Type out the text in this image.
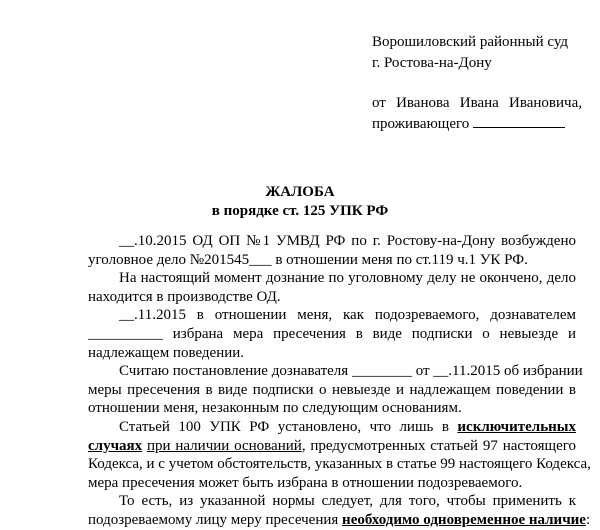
Ворошиловский районный суд
г. Ростова-на-Дону
от Иванова Ивана Ивановича,
проживающего
ЖАЛОБА
в порядке ст. 125 УПК РФ
__.10.2015 ОД ОП №1 УМВД РФ по г. Ростову-на-Дону возбуждено
уголовное дело №201545___ в отношении меня по ст.119 ч.1 УК РФ.
На настоящий момент дознание по уголовному делу не окончено, дело
находится в производстве ОД.
__.11.2015 в отношении меня, как подозреваемого, дознавателем
__________ избрана мера пресечения в виде подписки о невыезде и
надлежащем поведении.
Считаю постановление дознавателя ________ от __.11.2015 об избрании
меры пресечения в виде подписки о невыезде и надлежащем поведении в
отношении меня, незаконным по следующим основаниям.
Статьей 100 УПК РФ установлено, что лишь в исключительных
случаях при наличии оснований, предусмотренных статьей 97 настоящего
Кодекса, и с учетом обстоятельств, указанных в статье 99 настоящего Кодекса,
мера пресечения может быть избрана в отношении подозреваемого.
То есть, из указанной нормы следует, для того, чтобы применить к
подозреваемому лицу меру пресечения необходимо одновременное наличие:
